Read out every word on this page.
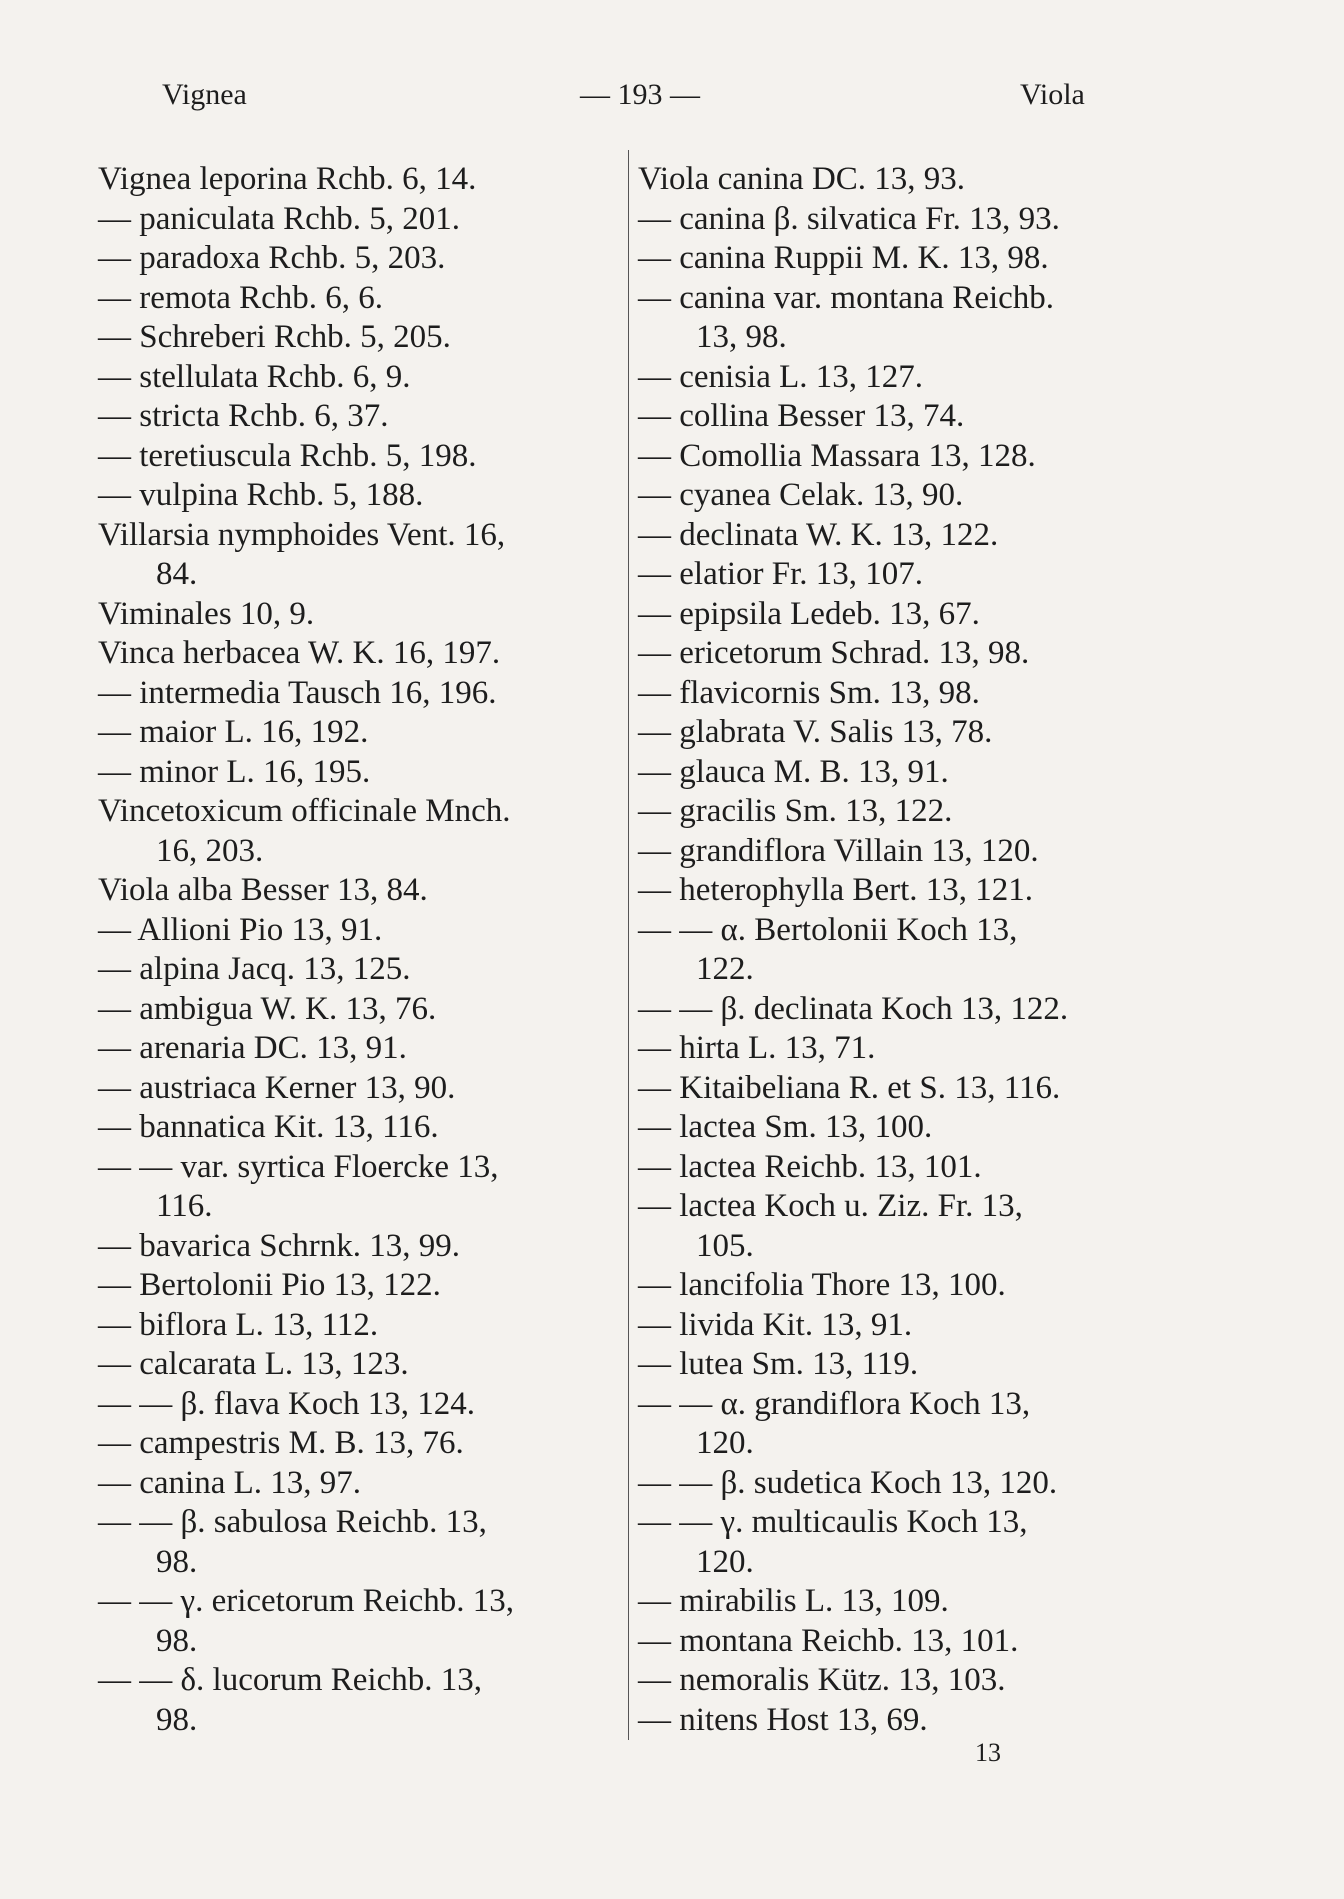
Vignea	— 193 —	Viola
Vignea leporina Rchb. 6, 14.
— paniculata Rchb. 5, 201.
— paradoxa Rchb. 5, 203.
— remota Rchb. 6, 6.
— Schreberi Rchb. 5, 205.
— stellulata Rchb. 6, 9.
— stricta Rchb. 6, 37.
— teretiuscula Rchb. 5, 198.
— vulpina Rchb. 5, 188.
Villarsia nymphoides Vent. 16,
84.
Viminales 10, 9.
Vinca herbacea W. K. 16, 197.
— intermedia Tausch 16, 196.
— maior L. 16, 192.
— minor L. 16, 195.
Vincetoxicum officinale Mnch.
16, 203.
Viola alba Besser 13, 84.
— Allioni Pio 13, 91.
— alpina Jacq. 13, 125.
— ambigua W. K. 13, 76.
— arenaria DC. 13, 91.
— austriaca Kerner 13, 90.
— bannatica Kit. 13, 116.
— — var. syrtica Floercke 13,
116.
— bavarica Schrnk. 13, 99.
— Bertolonii Pio 13, 122.
— biflora L. 13, 112.
— calcarata L. 13, 123.
— — β. flava Koch 13, 124.
— campestris M. B. 13, 76.
— canina L. 13, 97.
— — β. sabulosa Reichb. 13,
98.
— — γ. ericetorum Reichb. 13,
98.
— — δ. lucorum Reichb. 13,
98.
Viola canina DC. 13, 93.
— canina β. silvatica Fr. 13, 93.
— canina Ruppii M. K. 13, 98.
— canina var. montana Reichb.
13, 98.
— cenisia L. 13, 127.
— collina Besser 13, 74.
— Comollia Massara 13, 128.
— cyanea Celak. 13, 90.
— declinata W. K. 13, 122.
— elatior Fr. 13, 107.
— epipsila Ledeb. 13, 67.
— ericetorum Schrad. 13, 98.
— flavicornis Sm. 13, 98.
— glabrata V. Salis 13, 78.
— glauca M. B. 13, 91.
— gracilis Sm. 13, 122.
— grandiflora Villain 13, 120.
— heterophylla Bert. 13, 121.
— — α. Bertolonii Koch 13,
122.
— — β. declinata Koch 13, 122.
— hirta L. 13, 71.
— Kitaibeliana R. et S. 13, 116.
— lactea Sm. 13, 100.
— lactea Reichb. 13, 101.
— lactea Koch u. Ziz. Fr. 13,
105.
— lancifolia Thore 13, 100.
— livida Kit. 13, 91.
— lutea Sm. 13, 119.
— — α. grandiflora Koch 13,
120.
— — β. sudetica Koch 13, 120.
— — γ. multicaulis Koch 13,
120.
— mirabilis L. 13, 109.
— montana Reichb. 13, 101.
— nemoralis Kütz. 13, 103.
— nitens Host 13, 69.
13
